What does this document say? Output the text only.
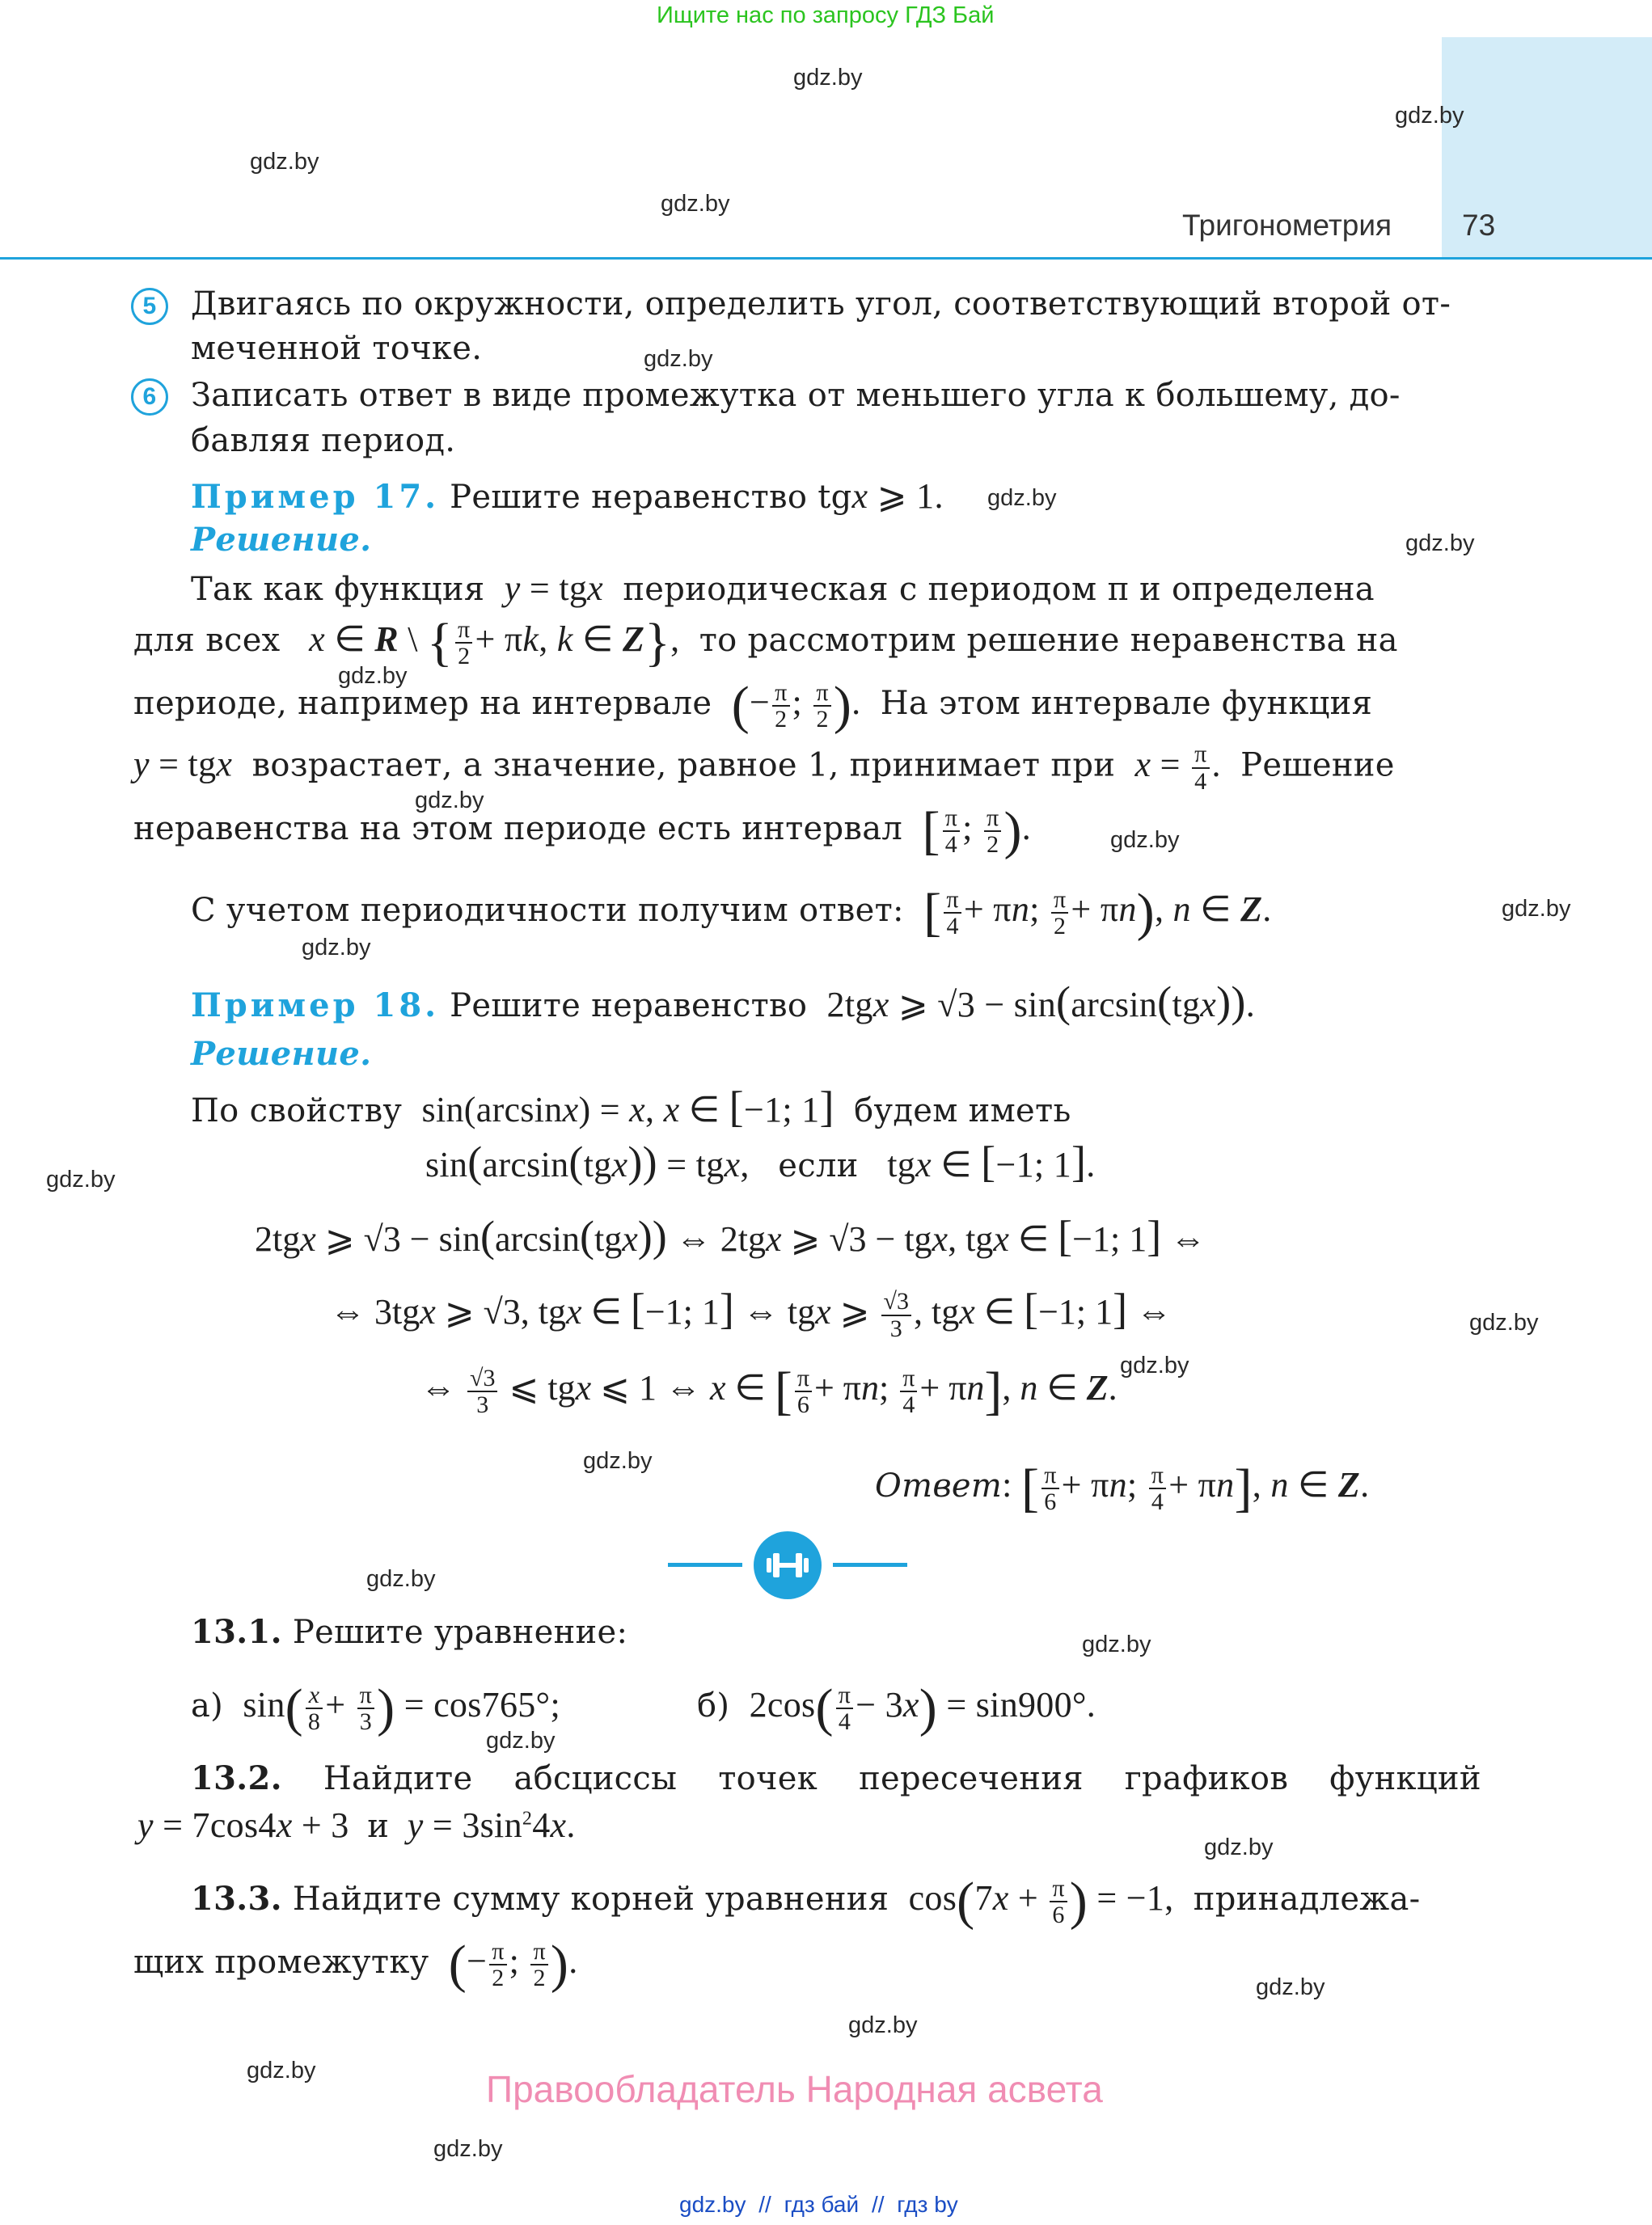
Ищите нас по запросу ГДЗ Бай
Тригонометрия 73
gdz.by
gdz.by
gdz.by
gdz.by
gdz.by
gdz.by
gdz.by
gdz.by
gdz.by
gdz.by
gdz.by
gdz.by
gdz.by
gdz.by
gdz.by
gdz.by
gdz.by
gdz.by
gdz.by
gdz.by
gdz.by
gdz.by
gdz.by
gdz.by
5	Двигаясь по окружности, определить угол, соответствующий второй от-
меченной точке.
6	Записать ответ в виде промежутка от меньшего угла к большему, до-
бавляя период.
Пример 17. Решите неравенство tgx ⩾ 1.
Решение.
Так как функция y = tgx периодическая с периодом π и определена
для всех x ∈ R \ { $\frac{\pi}{2} + \pi k$, k ∈ Z},  то рассмотрим решение неравенства на
периоде, например на интервале (− $\frac{\pi}{2}$ ; $\frac{\pi}{2}$ ).  На этом интервале функция
y = tgx возрастает, а значение, равное 1, принимает при $x = \frac{\pi}{4}$ .  Решение
неравенства на этом периоде есть интервал [ $\frac{\pi}{4}$ ; $\frac{\pi}{2}$ ).
С учетом периодичности получим ответ: [ $\frac{\pi}{4} + \pi n$; $\frac{\pi}{2} + \pi n$), n ∈ Z.
Пример 18. Решите неравенство  2tgx ⩾ √3 − sin(arcsin(tgx)).
Решение.
По свойству  sin(arcsinx) = x, x ∈ [−1; 1] будем иметь
sin(arcsin(tgx)) = tgx,   если   tgx ∈ [−1; 1].
2tgx ⩾ √3 − sin(arcsin(tgx)) ⇔ 2tgx ⩾ √3 − tgx, tgx ∈ [−1; 1] ⇔
⇔ 3tgx ⩾ √3, tgx ∈ [−1; 1] ⇔ tgx ⩾ $\frac{√3}{3}$ , tgx ∈ [−1; 1] ⇔
⇔ $\frac{√3}{3}$ ⩽ tgx ⩽ 1 ⇔ x ∈ [ $\frac{\pi}{6} + \pi n$; $\frac{\pi}{4} + \pi n$], n ∈ Z.
Ответ: [ $\frac{\pi}{6} + \pi n$; $\frac{\pi}{4} + \pi n$], n ∈ Z.
13.1. Решите уравнение:
а)  $\sin( \frac{x}{8} + \frac{\pi}{3}$ ) = cos765°;	б)  $2\cos( \frac{\pi}{4} - 3x) = \sin 900^\circ$.
13.2. Найдите абсциссы точек пересечения графиков функций
y = 7cos4x + 3  и $y = 3\sin^24x$.
13.3. Найдите сумму корней уравнения  $\cos(7x + \frac{\pi}{6}$ ) = −1,  принадлежа-
щих промежутку (− $\frac{\pi}{2}$ ; $\frac{\pi}{2}$ ).
Правообладатель Народная асвета
gdz.by // гдз бай // гдз by
